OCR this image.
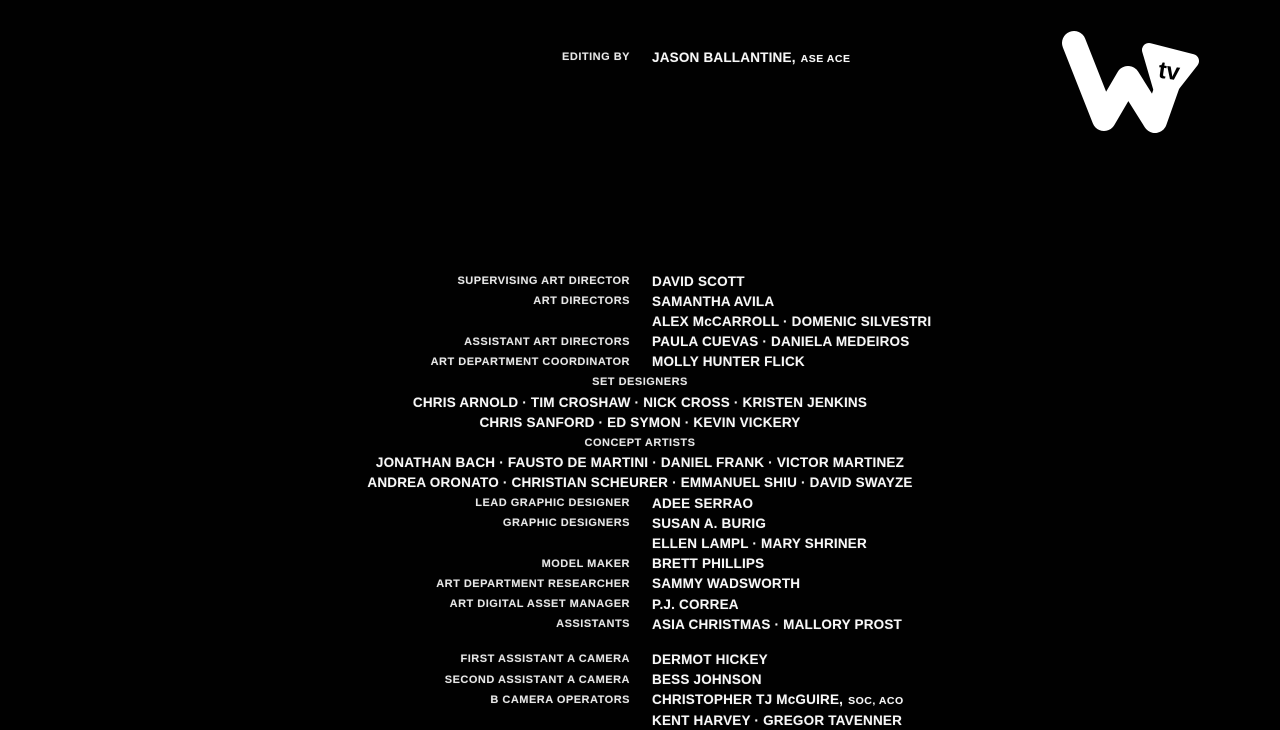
EDITING BY JASON BALLANTINE, ASE ACE	tv
SUPERVISING ART DIRECTOR DAVID SCOTT
ART DIRECTORS SAMANTHA AVILA
ALEX McCARROLL · DOMENIC SILVESTRI
ASSISTANT ART DIRECTORS PAULA CUEVAS · DANIELA MEDEIROS
ART DEPARTMENT COORDINATOR MOLLY HUNTER FLICK
SET DESIGNERS
CHRIS ARNOLD · TIM CROSHAW · NICK CROSS · KRISTEN JENKINS
CHRIS SANFORD · ED SYMON · KEVIN VICKERY
CONCEPT ARTISTS
JONATHAN BACH · FAUSTO DE MARTINI · DANIEL FRANK · VICTOR MARTINEZ
ANDREA ORONATO · CHRISTIAN SCHEURER · EMMANUEL SHIU · DAVID SWAYZE
LEAD GRAPHIC DESIGNER ADEE SERRAO
GRAPHIC DESIGNERS SUSAN A. BURIG
ELLEN LAMPL · MARY SHRINER
MODEL MAKER BRETT PHILLIPS
ART DEPARTMENT RESEARCHER SAMMY WADSWORTH
ART DIGITAL ASSET MANAGER P.J. CORREA
ASSISTANTS ASIA CHRISTMAS · MALLORY PROST
FIRST ASSISTANT A CAMERA DERMOT HICKEY
SECOND ASSISTANT A CAMERA BESS JOHNSON
B CAMERA OPERATORS CHRISTOPHER TJ McGUIRE, SOC, ACO
KENT HARVEY · GREGOR TAVENNER
